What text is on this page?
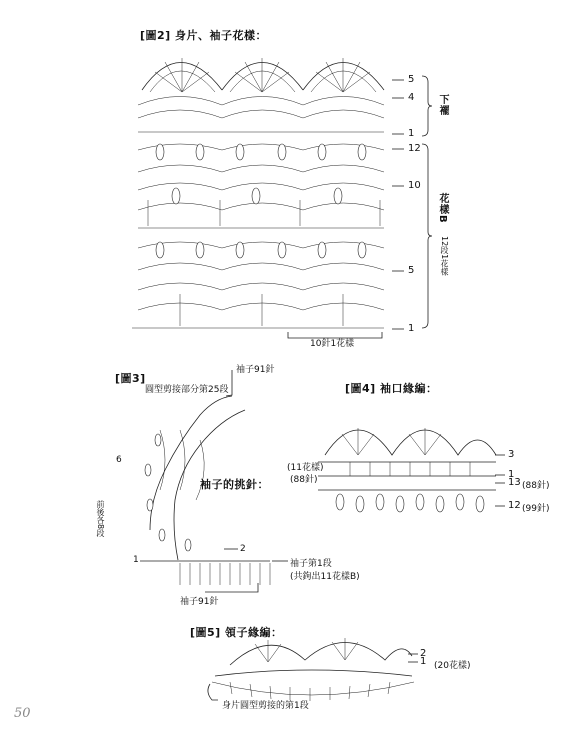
[圖2] 身片、袖子花樣：
5
4
1
12
10
5
1
下襬
花樣B
12段1花樣
10針1花樣
[圖3]
袖子91針
圓型剪接部分第25段
袖子的挑針：
前後各8段
6
2
1	袖子第1段
(共鉤出11花樣B)
袖子91針
[圖4] 袖口緣編：
3
(11花樣)
(88針)	1
13 (88針)
12 (99針)
[圖5] 領子緣編：
2
1 (20花樣)
身片圓型剪接的第1段
50
